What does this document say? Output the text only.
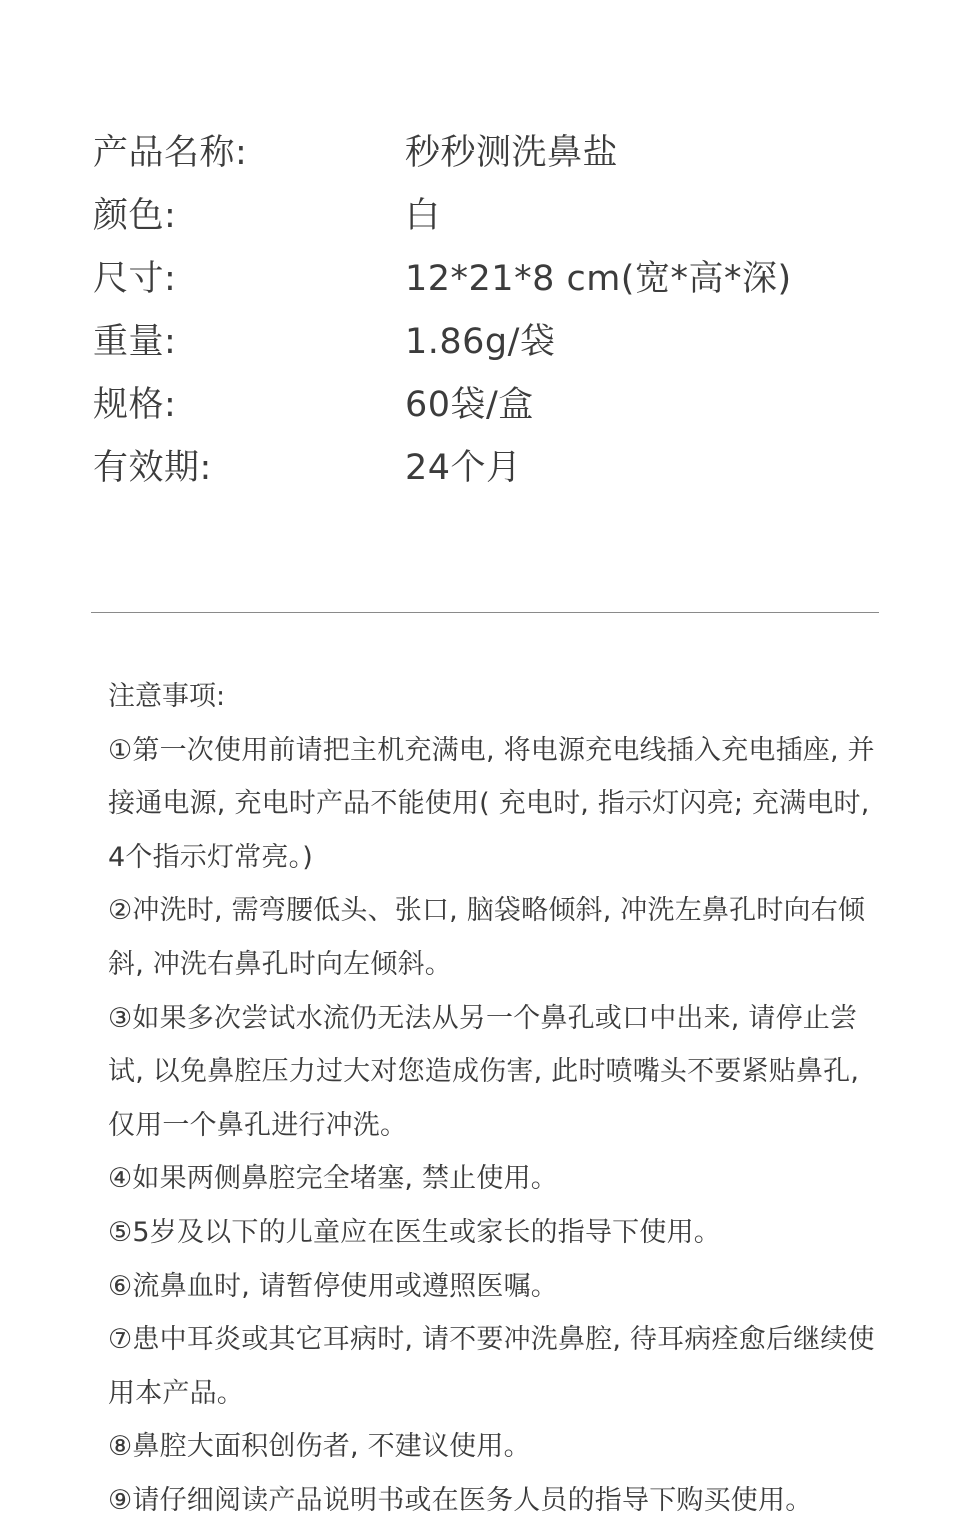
产品名称:	秒秒测洗鼻盐
颜色:	白
尺寸:	12*21*8 cm(宽*高*深)
重量:	1.86g/袋
规格:	60袋/盒
有效期:	24个月
注意事项:

①第一次使用前请把主机充满电, 将电源充电线插入充电插座, 并接通电源, 充电时产品不能使用( 充电时, 指示灯闪亮; 充满电时, 4个指示灯常亮。)

②冲洗时, 需弯腰低头、张口, 脑袋略倾斜, 冲洗左鼻孔时向右倾斜, 冲洗右鼻孔时向左倾斜。

③如果多次尝试水流仍无法从另一个鼻孔或口中出来, 请停止尝试, 以免鼻腔压力过大对您造成伤害, 此时喷嘴头不要紧贴鼻孔, 仅用一个鼻孔进行冲洗。

④如果两侧鼻腔完全堵塞, 禁止使用。

⑤5岁及以下的儿童应在医生或家长的指导下使用。

⑥流鼻血时, 请暂停使用或遵照医嘱。

⑦患中耳炎或其它耳病时, 请不要冲洗鼻腔, 待耳病痊愈后继续使用本产品。

⑧鼻腔大面积创伤者, 不建议使用。

⑨请仔细阅读产品说明书或在医务人员的指导下购买使用。
